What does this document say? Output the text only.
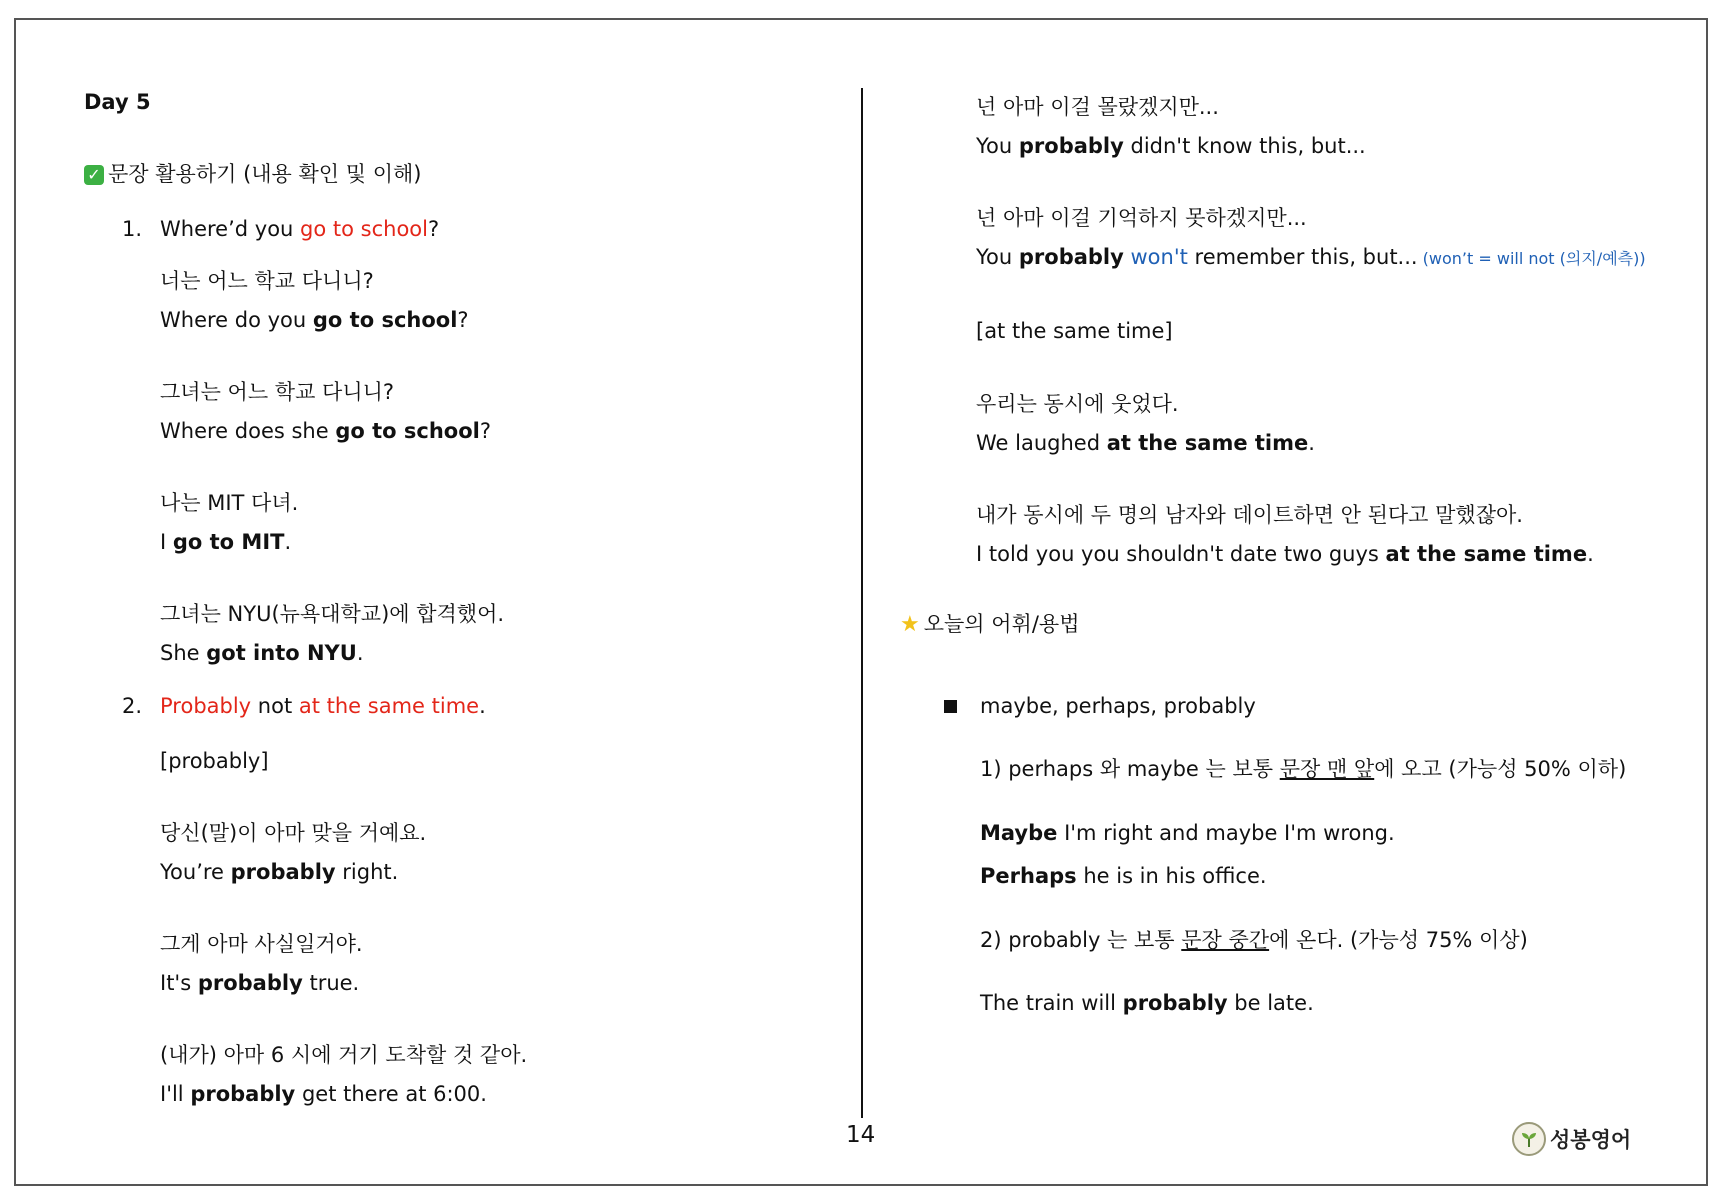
Day 5
✓ 문장 활용하기 (내용 확인 및 이해)
1. Where’d you go to school?
너는 어느 학교 다니니?
Where do you go to school?
그녀는 어느 학교 다니니?
Where does she go to school?
나는 MIT 다녀.
I go to MIT.
그녀는 NYU(뉴욕대학교)에 합격했어.
She got into NYU.
2. Probably not at the same time.
[probably]
당신(말)이 아마 맞을 거예요.
You’re probably right.
그게 아마 사실일거야.
It's probably true.
(내가) 아마 6 시에 거기 도착할 것 같아.
I'll probably get there at 6:00.
넌 아마 이걸 몰랐겠지만...
You probably didn't know this, but...
넌 아마 이걸 기억하지 못하겠지만...
You probably won't remember this, but... (won’t = will not (의지/예측))
[at the same time]
우리는 동시에 웃었다.
We laughed at the same time.
내가 동시에 두 명의 남자와 데이트하면 안 된다고 말했잖아.
I told you you shouldn't date two guys at the same time.
★ 오늘의 어휘/용법
maybe, perhaps, probably
1) perhaps 와 maybe 는 보통 문장 맨 앞에 오고 (가능성 50% 이하)
Maybe I'm right and maybe I'm wrong.
Perhaps he is in his office.
2) probably 는 보통 문장 중간에 온다. (가능성 75% 이상)
The train will probably be late.
14	성봉영어
